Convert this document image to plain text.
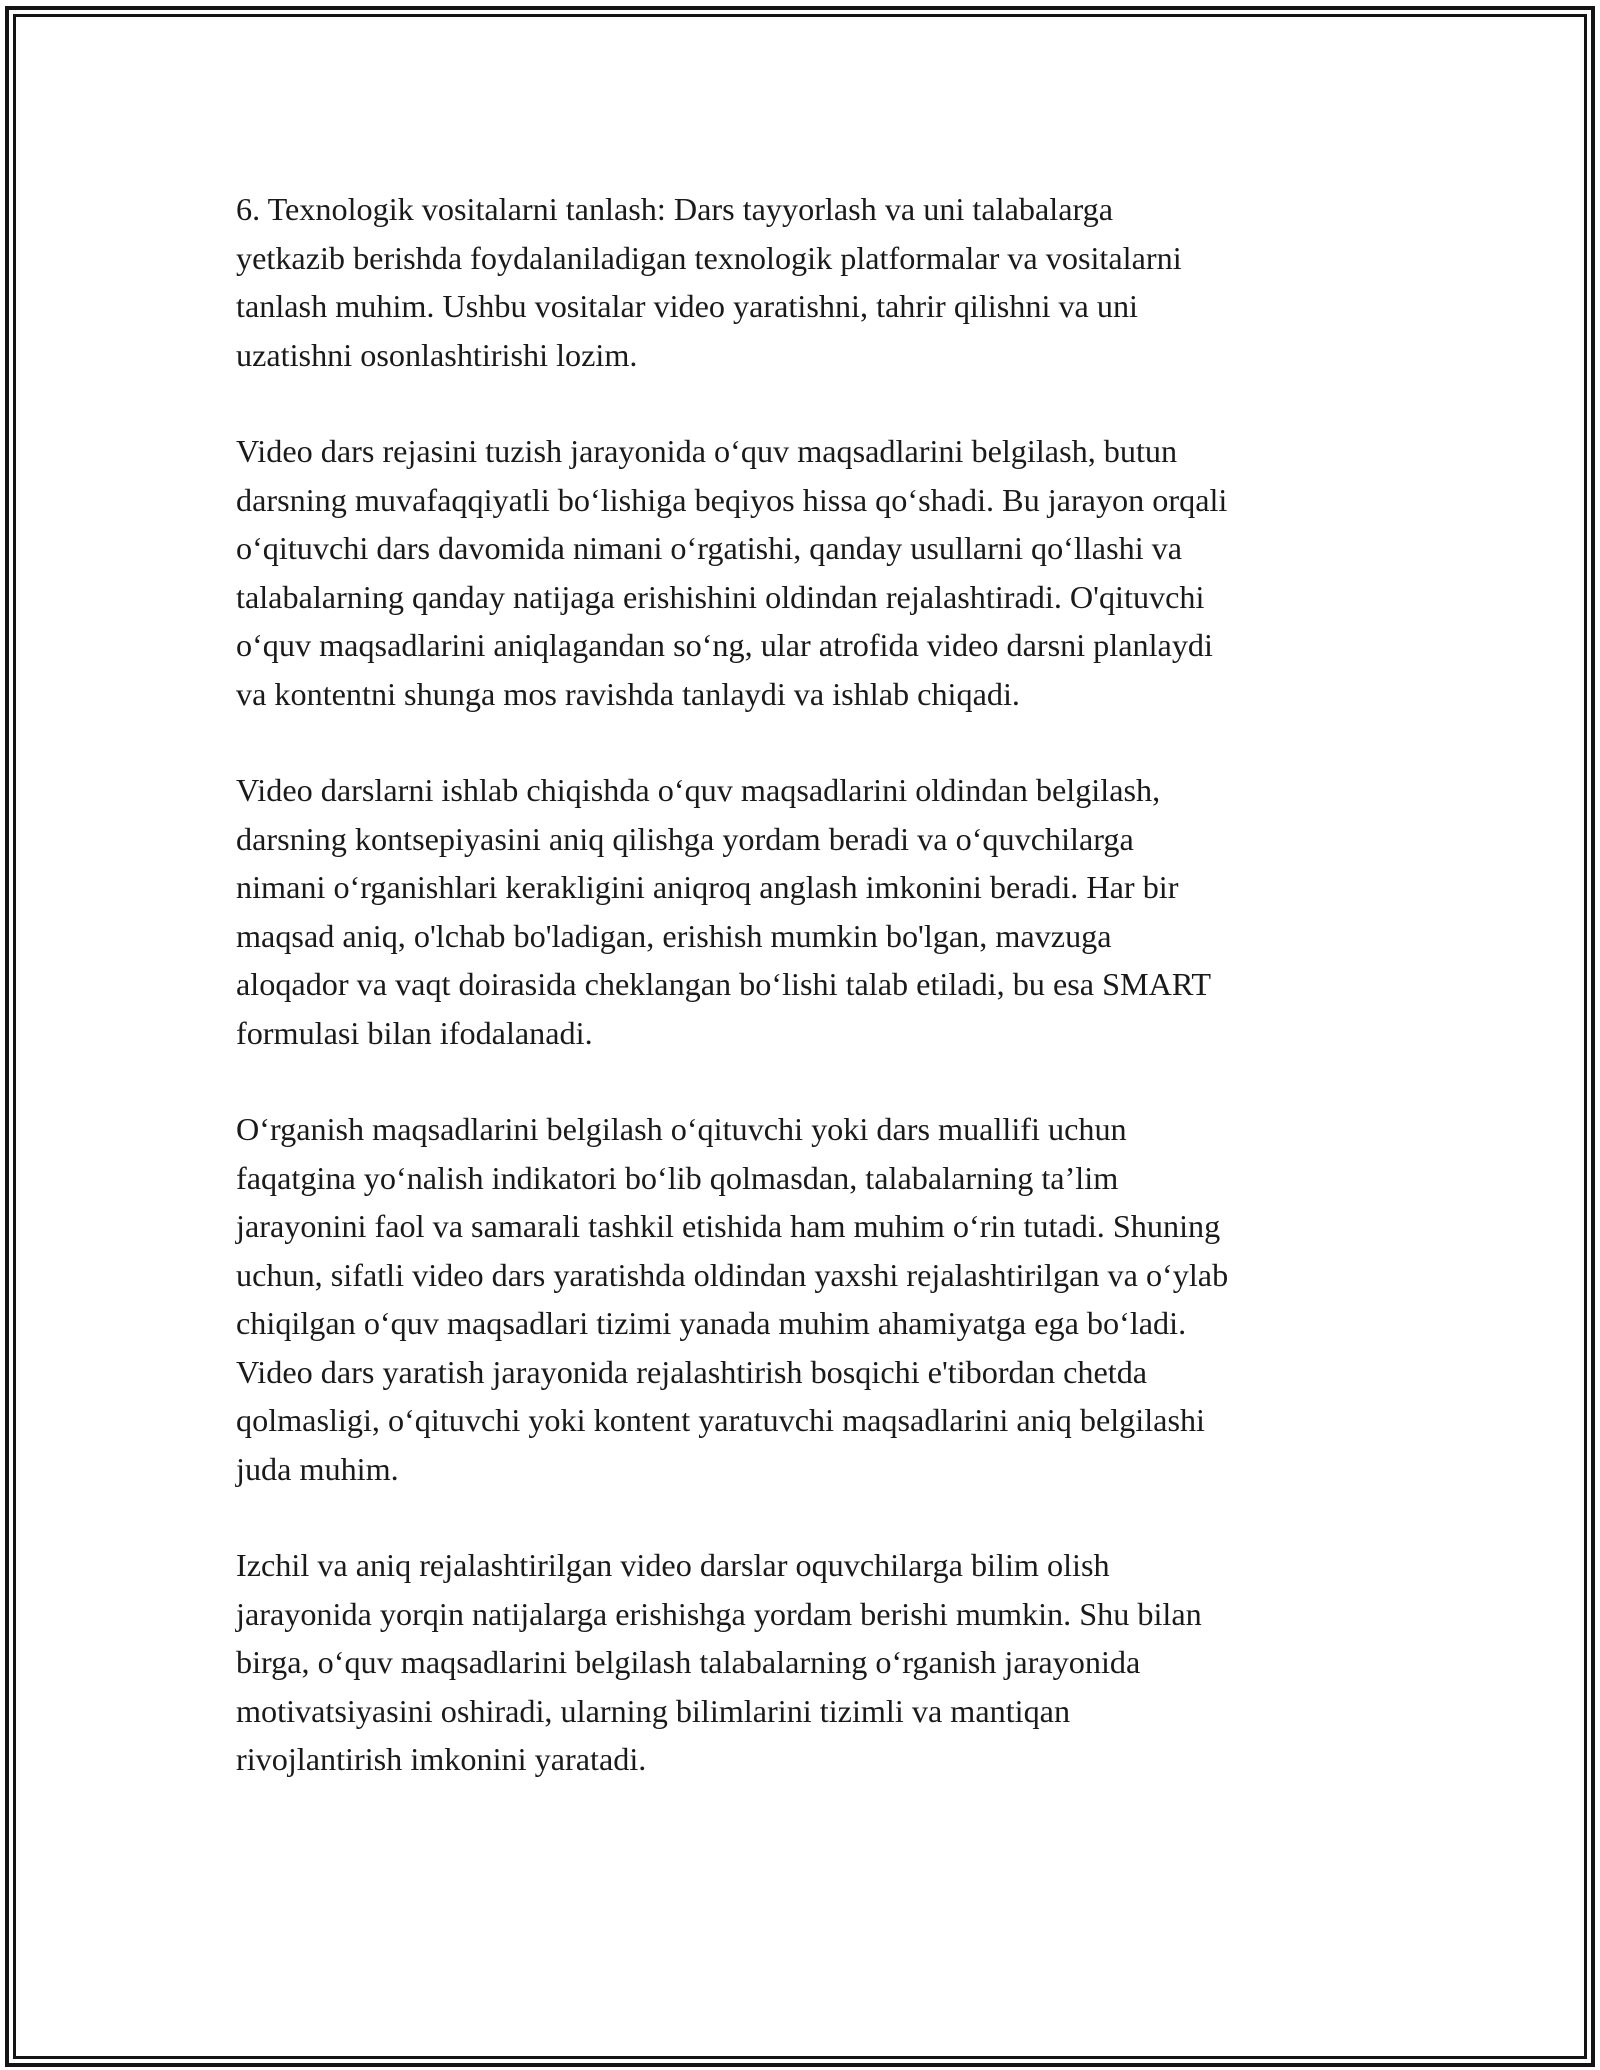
6. Texnologik vositalarni tanlash: Dars tayyorlash va uni talabalarga
yetkazib berishda foydalaniladigan texnologik platformalar va vositalarni
tanlash muhim. Ushbu vositalar video yaratishni, tahrir qilishni va uni
uzatishni osonlashtirishi lozim.

Video dars rejasini tuzish jarayonida o‘quv maqsadlarini belgilash, butun
darsning muvafaqqiyatli bo‘lishiga beqiyos hissa qo‘shadi. Bu jarayon orqali
o‘qituvchi dars davomida nimani o‘rgatishi, qanday usullarni qo‘llashi va
talabalarning qanday natijaga erishishini oldindan rejalashtiradi. O'qituvchi
o‘quv maqsadlarini aniqlagandan so‘ng, ular atrofida video darsni planlaydi
va kontentni shunga mos ravishda tanlaydi va ishlab chiqadi.

Video darslarni ishlab chiqishda o‘quv maqsadlarini oldindan belgilash,
darsning kontsepiyasini aniq qilishga yordam beradi va o‘quvchilarga
nimani o‘rganishlari kerakligini aniqroq anglash imkonini beradi. Har bir
maqsad aniq, o'lchab bo'ladigan, erishish mumkin bo'lgan, mavzuga
aloqador va vaqt doirasida cheklangan bo‘lishi talab etiladi, bu esa SMART
formulasi bilan ifodalanadi.

O‘rganish maqsadlarini belgilash o‘qituvchi yoki dars muallifi uchun
faqatgina yo‘nalish indikatori bo‘lib qolmasdan, talabalarning ta’lim
jarayonini faol va samarali tashkil etishida ham muhim o‘rin tutadi. Shuning
uchun, sifatli video dars yaratishda oldindan yaxshi rejalashtirilgan va o‘ylab
chiqilgan o‘quv maqsadlari tizimi yanada muhim ahamiyatga ega bo‘ladi.
Video dars yaratish jarayonida rejalashtirish bosqichi e'tibordan chetda
qolmasligi, o‘qituvchi yoki kontent yaratuvchi maqsadlarini aniq belgilashi
juda muhim.

Izchil va aniq rejalashtirilgan video darslar oquvchilarga bilim olish
jarayonida yorqin natijalarga erishishga yordam berishi mumkin. Shu bilan
birga, o‘quv maqsadlarini belgilash talabalarning o‘rganish jarayonida
motivatsiyasini oshiradi, ularning bilimlarini tizimli va mantiqan
rivojlantirish imkonini yaratadi.
